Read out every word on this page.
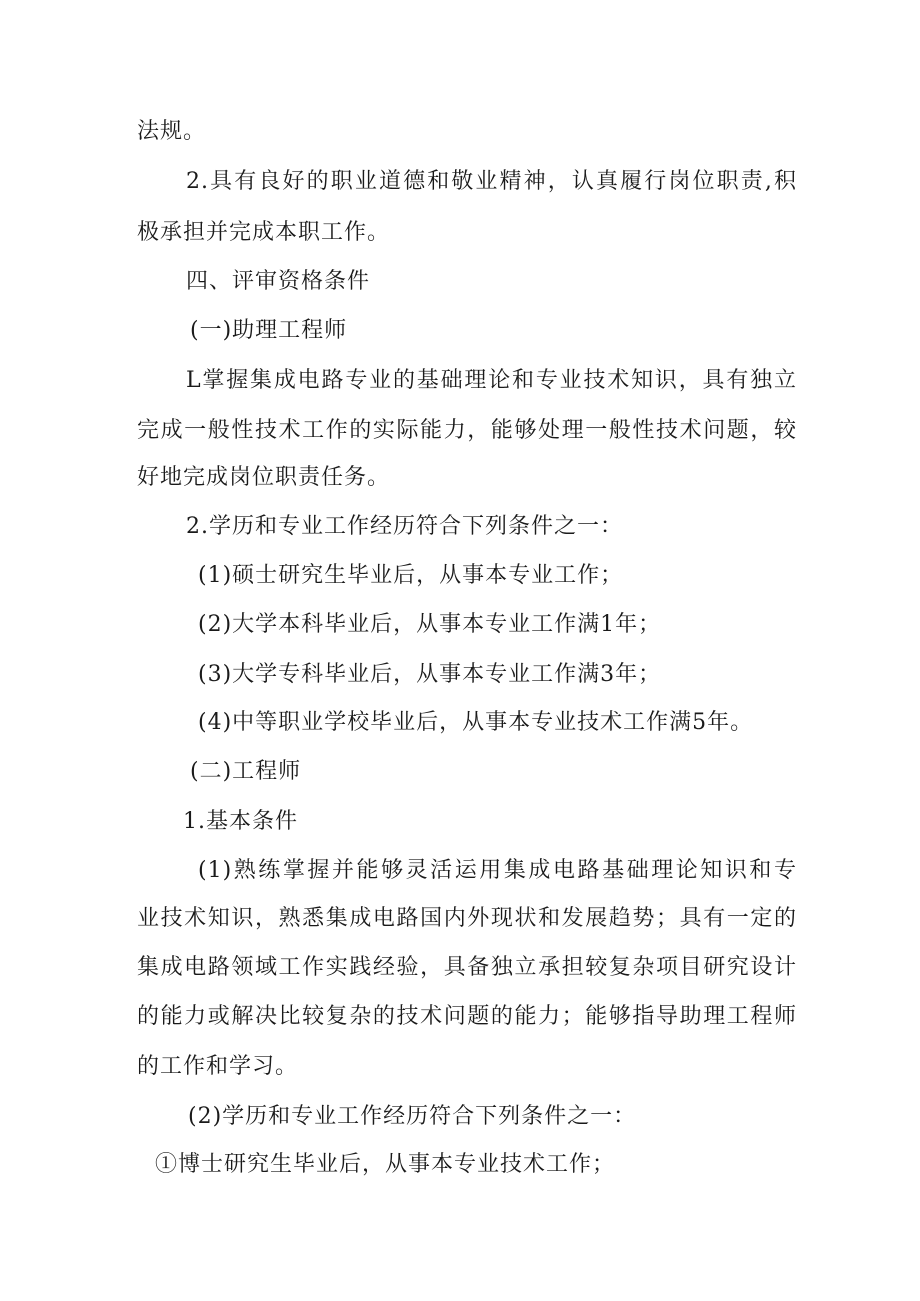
法规。
2.具有良好的职业道德和敬业精神，认真履行岗位职责,积
极承担并完成本职工作。
四、评审资格条件
(一)助理工程师
L掌握集成电路专业的基础理论和专业技术知识，具有独立
完成一般性技术工作的实际能力，能够处理一般性技术问题，较
好地完成岗位职责任务。
2.学历和专业工作经历符合下列条件之一：
(1)硕士研究生毕业后，从事本专业工作；
(2)大学本科毕业后，从事本专业工作满1年；
(3)大学专科毕业后，从事本专业工作满3年；
(4)中等职业学校毕业后，从事本专业技术工作满5年。
(二)工程师
1.基本条件
(1)熟练掌握并能够灵活运用集成电路基础理论知识和专
业技术知识，熟悉集成电路国内外现状和发展趋势；具有一定的
集成电路领域工作实践经验，具备独立承担较复杂项目研究设计
的能力或解决比较复杂的技术问题的能力；能够指导助理工程师
的工作和学习。
(2)学历和专业工作经历符合下列条件之一：
①博士研究生毕业后，从事本专业技术工作；
